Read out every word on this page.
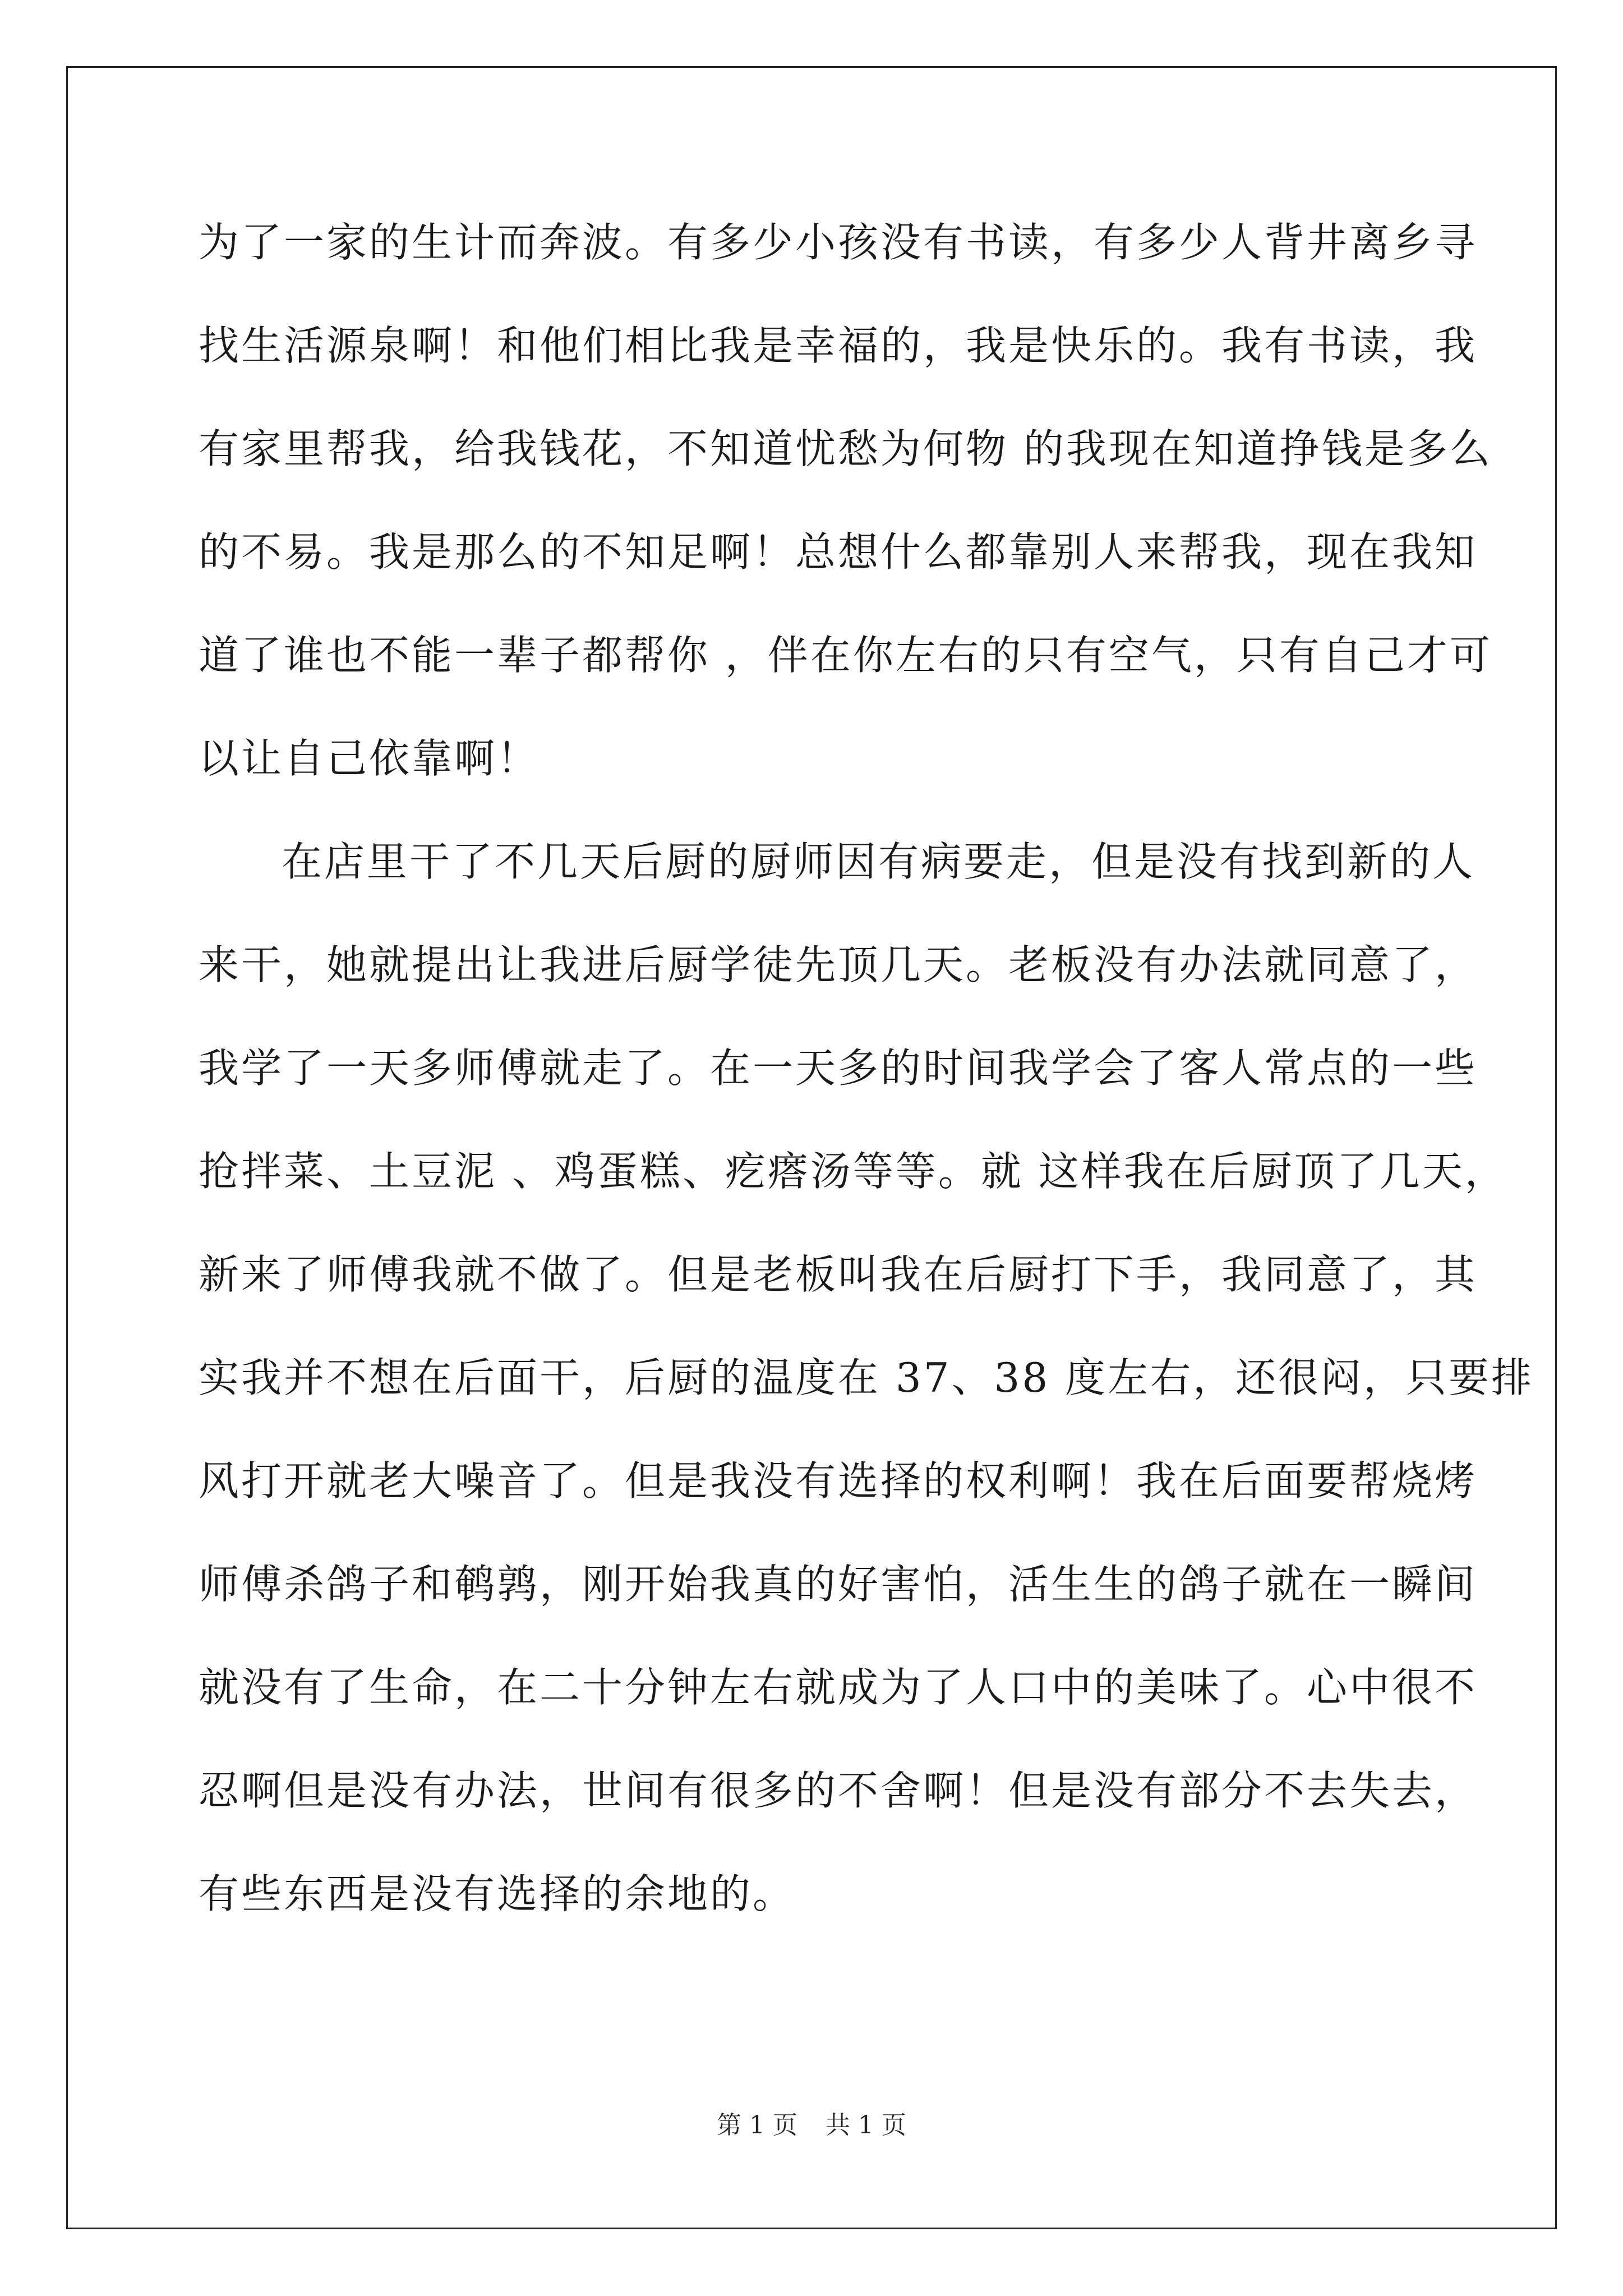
为了一家的生计而奔波。有多少小孩没有书读，有多少人背井离乡寻
找生活源泉啊！和他们相比我是幸福的，我是快乐的。我有书读，我
有家里帮我，给我钱花，不知道忧愁为何物 的我现在知道挣钱是多么
的不易。我是那么的不知足啊！总想什么都靠别人来帮我，现在我知
道了谁也不能一辈子都帮你 ，伴在你左右的只有空气，只有自己才可
以让自己依靠啊！
在店里干了不几天后厨的厨师因有病要走，但是没有找到新的人
来干，她就提出让我进后厨学徒先顶几天。老板没有办法就同意了，
我学了一天多师傅就走了。在一天多的时间我学会了客人常点的一些
抢拌菜、土豆泥 、鸡蛋糕、疙瘩汤等等。就 这样我在后厨顶了几天，
新来了师傅我就不做了。但是老板叫我在后厨打下手，我同意了，其
实我并不想在后面干，后厨的温度在 37、38 度左右，还很闷，只要排
风打开就老大噪音了。但是我没有选择的权利啊！我在后面要帮烧烤
师傅杀鸽子和鹌鹑，刚开始我真的好害怕，活生生的鸽子就在一瞬间
就没有了生命，在二十分钟左右就成为了人口中的美味了。心中很不
忍啊但是没有办法，世间有很多的不舍啊！但是没有部分不去失去，
有些东西是没有选择的余地的。
第 1 页 共 1 页
